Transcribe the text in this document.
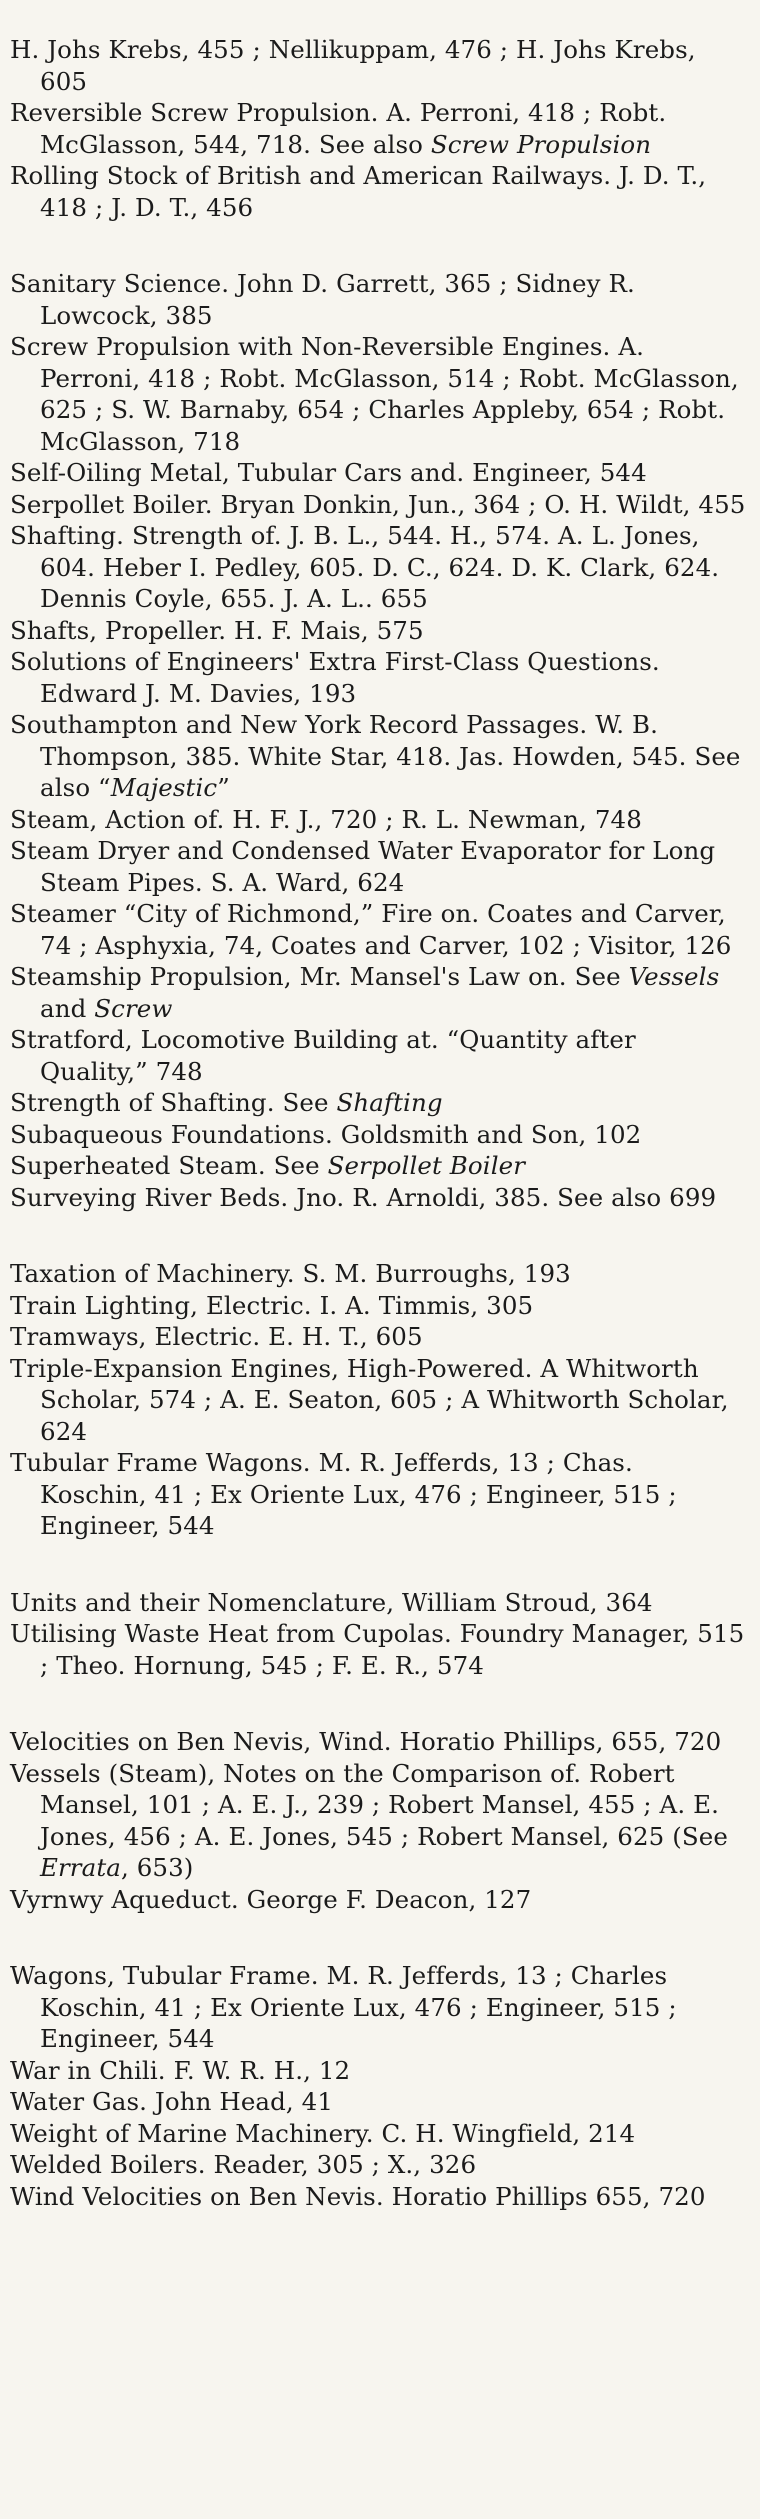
H. Johs Krebs, 455 ; Nellikuppam, 476 ; H. Johs Krebs, 605

Reversible Screw Propulsion. A. Perroni, 418 ; Robt. McGlasson, 544, 718. See also Screw Propulsion

Rolling Stock of British and American Railways. J. D. T., 418 ; J. D. T., 456

Sanitary Science. John D. Garrett, 365 ; Sidney R. Lowcock, 385

Screw Propulsion with Non-Reversible Engines. A. Perroni, 418 ; Robt. McGlasson, 514 ; Robt. McGlasson, 625 ; S. W. Barnaby, 654 ; Charles Appleby, 654 ; Robt. McGlasson, 718

Self-Oiling Metal, Tubular Cars and. Engineer, 544

Serpollet Boiler. Bryan Donkin, Jun., 364 ; O. H. Wildt, 455

Shafting. Strength of. J. B. L., 544. H., 574. A. L. Jones, 604. Heber I. Pedley, 605. D. C., 624. D. K. Clark, 624. Dennis Coyle, 655. J. A. L.. 655

Shafts, Propeller. H. F. Mais, 575

Solutions of Engineers' Extra First-Class Questions. Edward J. M. Davies, 193

Southampton and New York Record Passages. W. B. Thompson, 385. White Star, 418. Jas. Howden, 545. See also “Majestic”

Steam, Action of. H. F. J., 720 ; R. L. Newman, 748

Steam Dryer and Condensed Water Evaporator for Long Steam Pipes. S. A. Ward, 624

Steamer “City of Richmond,” Fire on. Coates and Carver, 74 ; Asphyxia, 74, Coates and Carver, 102 ; Visitor, 126

Steamship Propulsion, Mr. Mansel's Law on. See Vessels and Screw

Stratford, Locomotive Building at. “Quantity after Quality,” 748

Strength of Shafting. See Shafting

Subaqueous Foundations. Goldsmith and Son, 102

Superheated Steam. See Serpollet Boiler

Surveying River Beds. Jno. R. Arnoldi, 385. See also 699

Taxation of Machinery. S. M. Burroughs, 193

Train Lighting, Electric. I. A. Timmis, 305

Tramways, Electric. E. H. T., 605

Triple-Expansion Engines, High-Powered. A Whitworth Scholar, 574 ; A. E. Seaton, 605 ; A Whitworth Scholar, 624

Tubular Frame Wagons. M. R. Jefferds, 13 ; Chas. Koschin, 41 ; Ex Oriente Lux, 476 ; Engineer, 515 ; Engineer, 544

Units and their Nomenclature, William Stroud, 364

Utilising Waste Heat from Cupolas. Foundry Manager, 515 ; Theo. Hornung, 545 ; F. E. R., 574

Velocities on Ben Nevis, Wind. Horatio Phillips, 655, 720

Vessels (Steam), Notes on the Comparison of. Robert Mansel, 101 ; A. E. J., 239 ; Robert Mansel, 455 ; A. E. Jones, 456 ; A. E. Jones, 545 ; Robert Mansel, 625 (See Errata, 653)

Vyrnwy Aqueduct. George F. Deacon, 127

Wagons, Tubular Frame. M. R. Jefferds, 13 ; Charles Koschin, 41 ; Ex Oriente Lux, 476 ; Engineer, 515 ; Engineer, 544

War in Chili. F. W. R. H., 12

Water Gas. John Head, 41

Weight of Marine Machinery. C. H. Wingfield, 214

Welded Boilers. Reader, 305 ; X., 326

Wind Velocities on Ben Nevis. Horatio Phillips 655, 720
